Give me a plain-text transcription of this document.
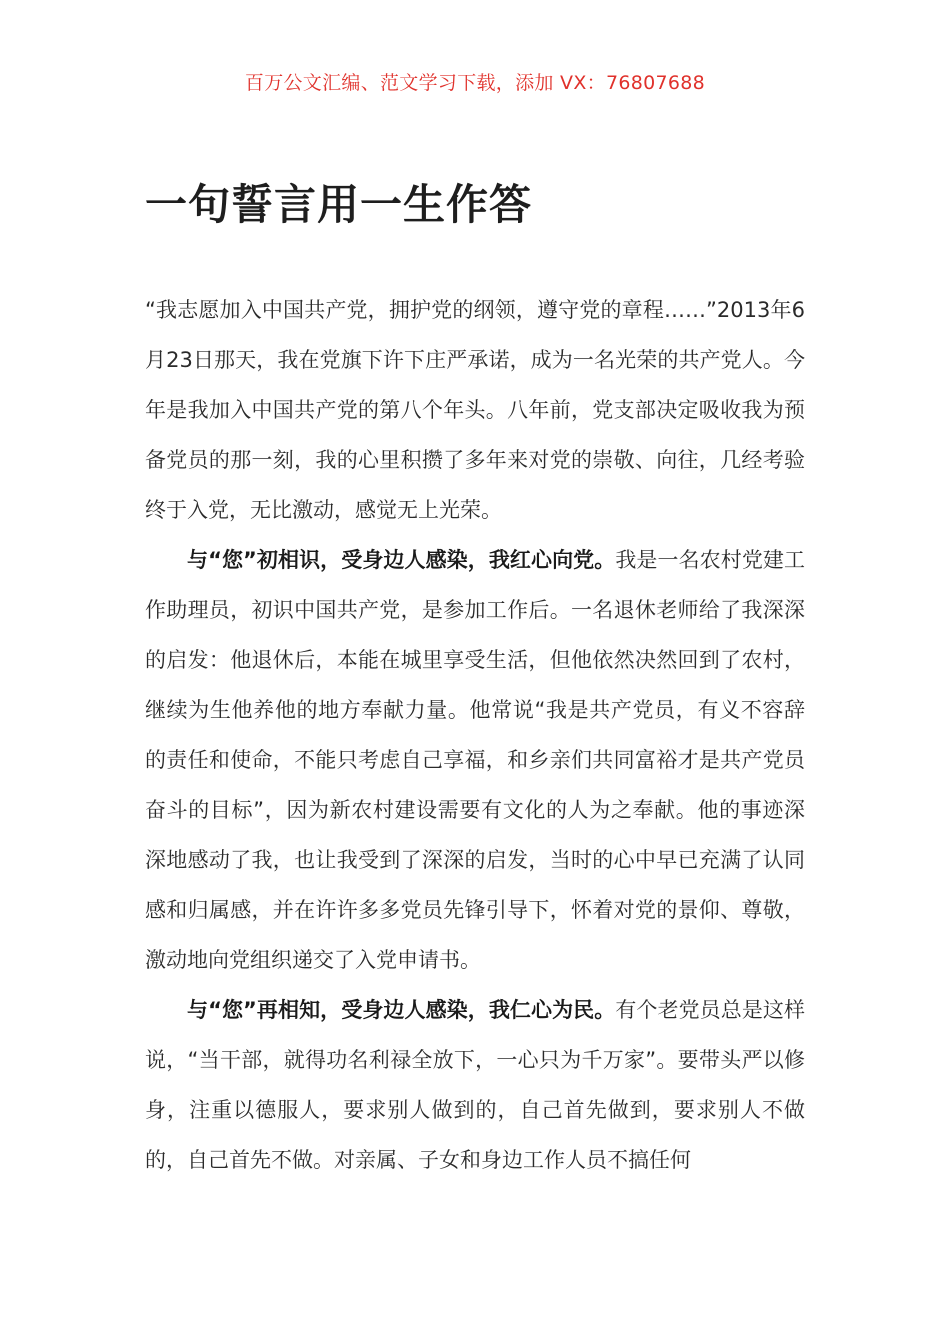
百万公文汇编、范文学习下载，添加 VX：76807688
一句誓言用一生作答

“我志愿加入中国共产党，拥护党的纲领，遵守党的章程……”2013年6月23日那天，我在党旗下许下庄严承诺，成为一名光荣的共产党人。今年是我加入中国共产党的第八个年头。八年前，党支部决定吸收我为预备党员的那一刻，我的心里积攒了多年来对党的崇敬、向往，几经考验终于入党，无比激动，感觉无上光荣。

与“您”初相识，受身边人感染，我红心向党。我是一名农村党建工作助理员，初识中国共产党，是参加工作后。一名退休老师给了我深深的启发：他退休后，本能在城里享受生活，但他依然决然回到了农村，继续为生他养他的地方奉献力量。他常说“我是共产党员，有义不容辞的责任和使命，不能只考虑自己享福，和乡亲们共同富裕才是共产党员奋斗的目标”，因为新农村建设需要有文化的人为之奉献。他的事迹深深地感动了我，也让我受到了深深的启发，当时的心中早已充满了认同感和归属感，并在许许多多党员先锋引导下，怀着对党的景仰、尊敬，激动地向党组织递交了入党申请书。

与“您”再相知，受身边人感染，我仁心为民。有个老党员总是这样说，“当干部，就得功名利禄全放下，一心只为千万家”。要带头严以修身，注重以德服人，要求别人做到的，自己首先做到，要求别人不做的，自己首先不做。对亲属、子女和身边工作人员不搞任何
